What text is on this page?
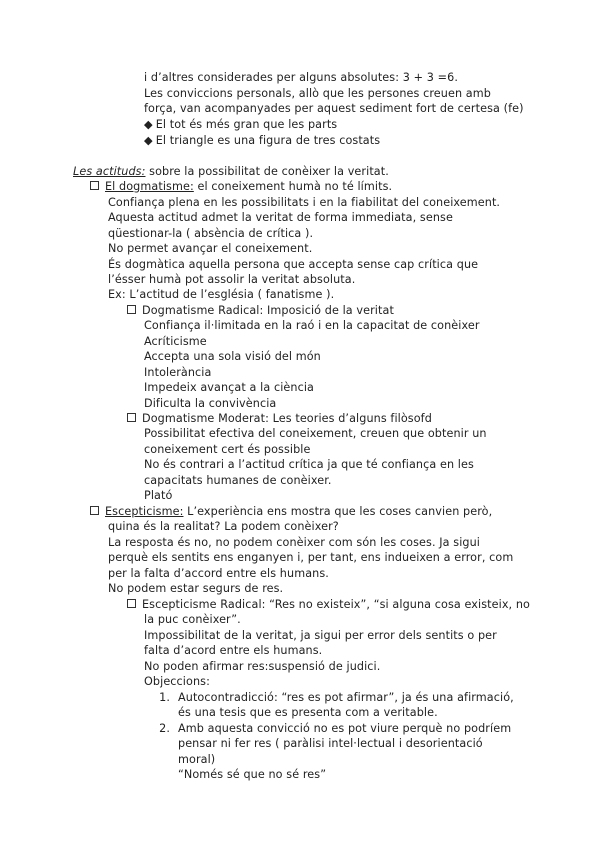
i d’altres considerades per alguns absolutes: 3 + 3 =6.
Les conviccions personals, allò que les persones creuen amb
força, van acompanyades per aquest sediment fort de certesa (fe)
◆ El tot és més gran que les parts
◆ El triangle es una figura de tres costats
Les actituds: sobre la possibilitat de conèixer la veritat.
El dogmatisme: el coneixement humà no té límits.
Confiança plena en les possibilitats i en la fiabilitat del coneixement.
Aquesta actitud admet la veritat de forma immediata, sense
qüestionar-la ( absència de crítica ).
No permet avançar el coneixement.
És dogmàtica aquella persona que accepta sense cap crítica que
l’ésser humà pot assolir la veritat absoluta.
Ex: L’actitud de l’església ( fanatisme ).
Dogmatisme Radical: Imposició de la veritat
Confiança il·limitada en la raó i en la capacitat de conèixer
Acríticisme
Accepta una sola visió del món
Intolerància
Impedeix avançat a la ciència
Dificulta la convivència
Dogmatisme Moderat: Les teories d’alguns filòsofd
Possibilitat efectiva del coneixement, creuen que obtenir un
coneixement cert és possible
No és contrari a l’actitud crítica ja que té confiança en les
capacitats humanes de conèixer.
Plató
Escepticisme: L’experiència ens mostra que les coses canvien però,
quina és la realitat? La podem conèixer?
La resposta és no, no podem conèixer com són les coses. Ja sigui
perquè els sentits ens enganyen i, per tant, ens indueixen a error, com
per la falta d’accord entre els humans.
No podem estar segurs de res.
Escepticisme Radical: “Res no existeix”, “si alguna cosa existeix, no
la puc conèixer”.
Impossibilitat de la veritat, ja sigui per error dels sentits o per
falta d’acord entre els humans.
No poden afirmar res:suspensió de judici.
Objeccions:
1. Autocontradicció: “res es pot afirmar”, ja és una afirmació,
és una tesis que es presenta com a veritable.
2. Amb aquesta convicció no es pot viure perquè no podríem
pensar ni fer res ( paràlisi intel·lectual i desorientació
moral)
“Només sé que no sé res”
